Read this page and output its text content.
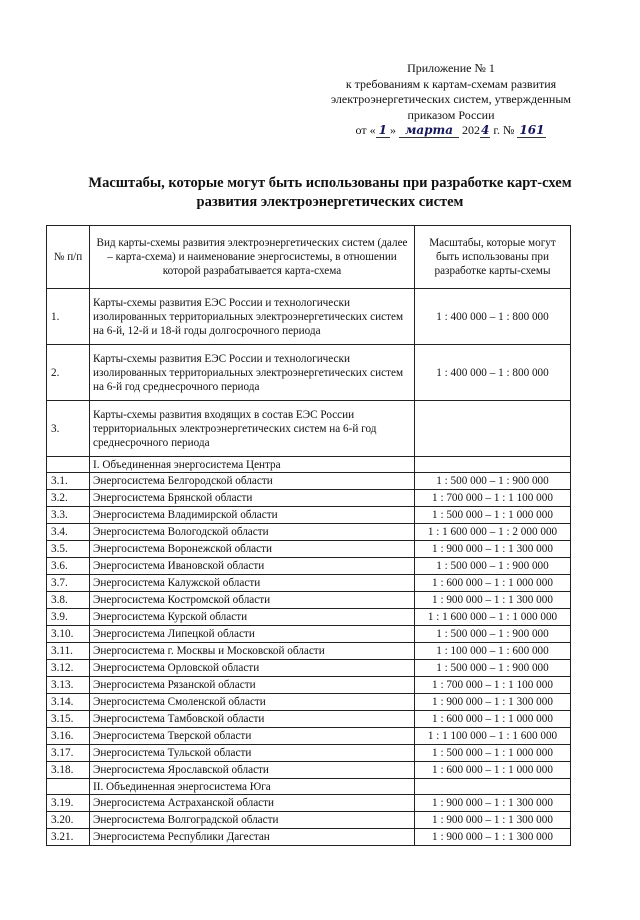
Приложение № 1
к требованиям к картам-схемам развития
электроэнергетических систем, утвержденным
приказом России
от « 1 » марта 2024 г. № 161
Масштабы, которые могут быть использованы при разработке карт-схем
развития электроэнергетических систем
№ п/п	Вид карты-схемы развития электроэнергетических систем (далее – карта-схема) и наименование энергосистемы, в отношении которой разрабатывается карта-схема	Масштабы, которые могут быть использованы при разработке карты-схемы
1.	Карты-схемы развития ЕЭС России и технологически изолированных территориальных электроэнергетических систем на 6-й, 12-й и 18-й годы долгосрочного периода	1 : 400 000 – 1 : 800 000
2.	Карты-схемы развития ЕЭС России и технологически изолированных территориальных электроэнергетических систем на 6-й год среднесрочного периода	1 : 400 000 – 1 : 800 000
3.	Карты-схемы развития входящих в состав ЕЭС России территориальных электроэнергетических систем на 6-й год среднесрочного периода	
	I. Объединенная энергосистема Центра	
3.1.	Энергосистема Белгородской области	1 : 500 000 – 1 : 900 000
3.2.	Энергосистема Брянской области	1 : 700 000 – 1 : 1 100 000
3.3.	Энергосистема Владимирской области	1 : 500 000 – 1 : 1 000 000
3.4.	Энергосистема Вологодской области	1 : 1 600 000 – 1 : 2 000 000
3.5.	Энергосистема Воронежской области	1 : 900 000 – 1 : 1 300 000
3.6.	Энергосистема Ивановской области	1 : 500 000 – 1 : 900 000
3.7.	Энергосистема Калужской области	1 : 600 000 – 1 : 1 000 000
3.8.	Энергосистема Костромской области	1 : 900 000 – 1 : 1 300 000
3.9.	Энергосистема Курской области	1 : 1 600 000 – 1 : 1 000 000
3.10.	Энергосистема Липецкой области	1 : 500 000 – 1 : 900 000
3.11.	Энергосистема г. Москвы и Московской области	1 : 100 000 – 1 : 600 000
3.12.	Энергосистема Орловской области	1 : 500 000 – 1 : 900 000
3.13.	Энергосистема Рязанской области	1 : 700 000 – 1 : 1 100 000
3.14.	Энергосистема Смоленской области	1 : 900 000 – 1 : 1 300 000
3.15.	Энергосистема Тамбовской области	1 : 600 000 – 1 : 1 000 000
3.16.	Энергосистема Тверской области	1 : 1 100 000 – 1 : 1 600 000
3.17.	Энергосистема Тульской области	1 : 500 000 – 1 : 1 000 000
3.18.	Энергосистема Ярославской области	1 : 600 000 – 1 : 1 000 000
	II. Объединенная энергосистема Юга	
3.19.	Энергосистема Астраханской области	1 : 900 000 – 1 : 1 300 000
3.20.	Энергосистема Волгоградской области	1 : 900 000 – 1 : 1 300 000
3.21.	Энергосистема Республики Дагестан	1 : 900 000 – 1 : 1 300 000
